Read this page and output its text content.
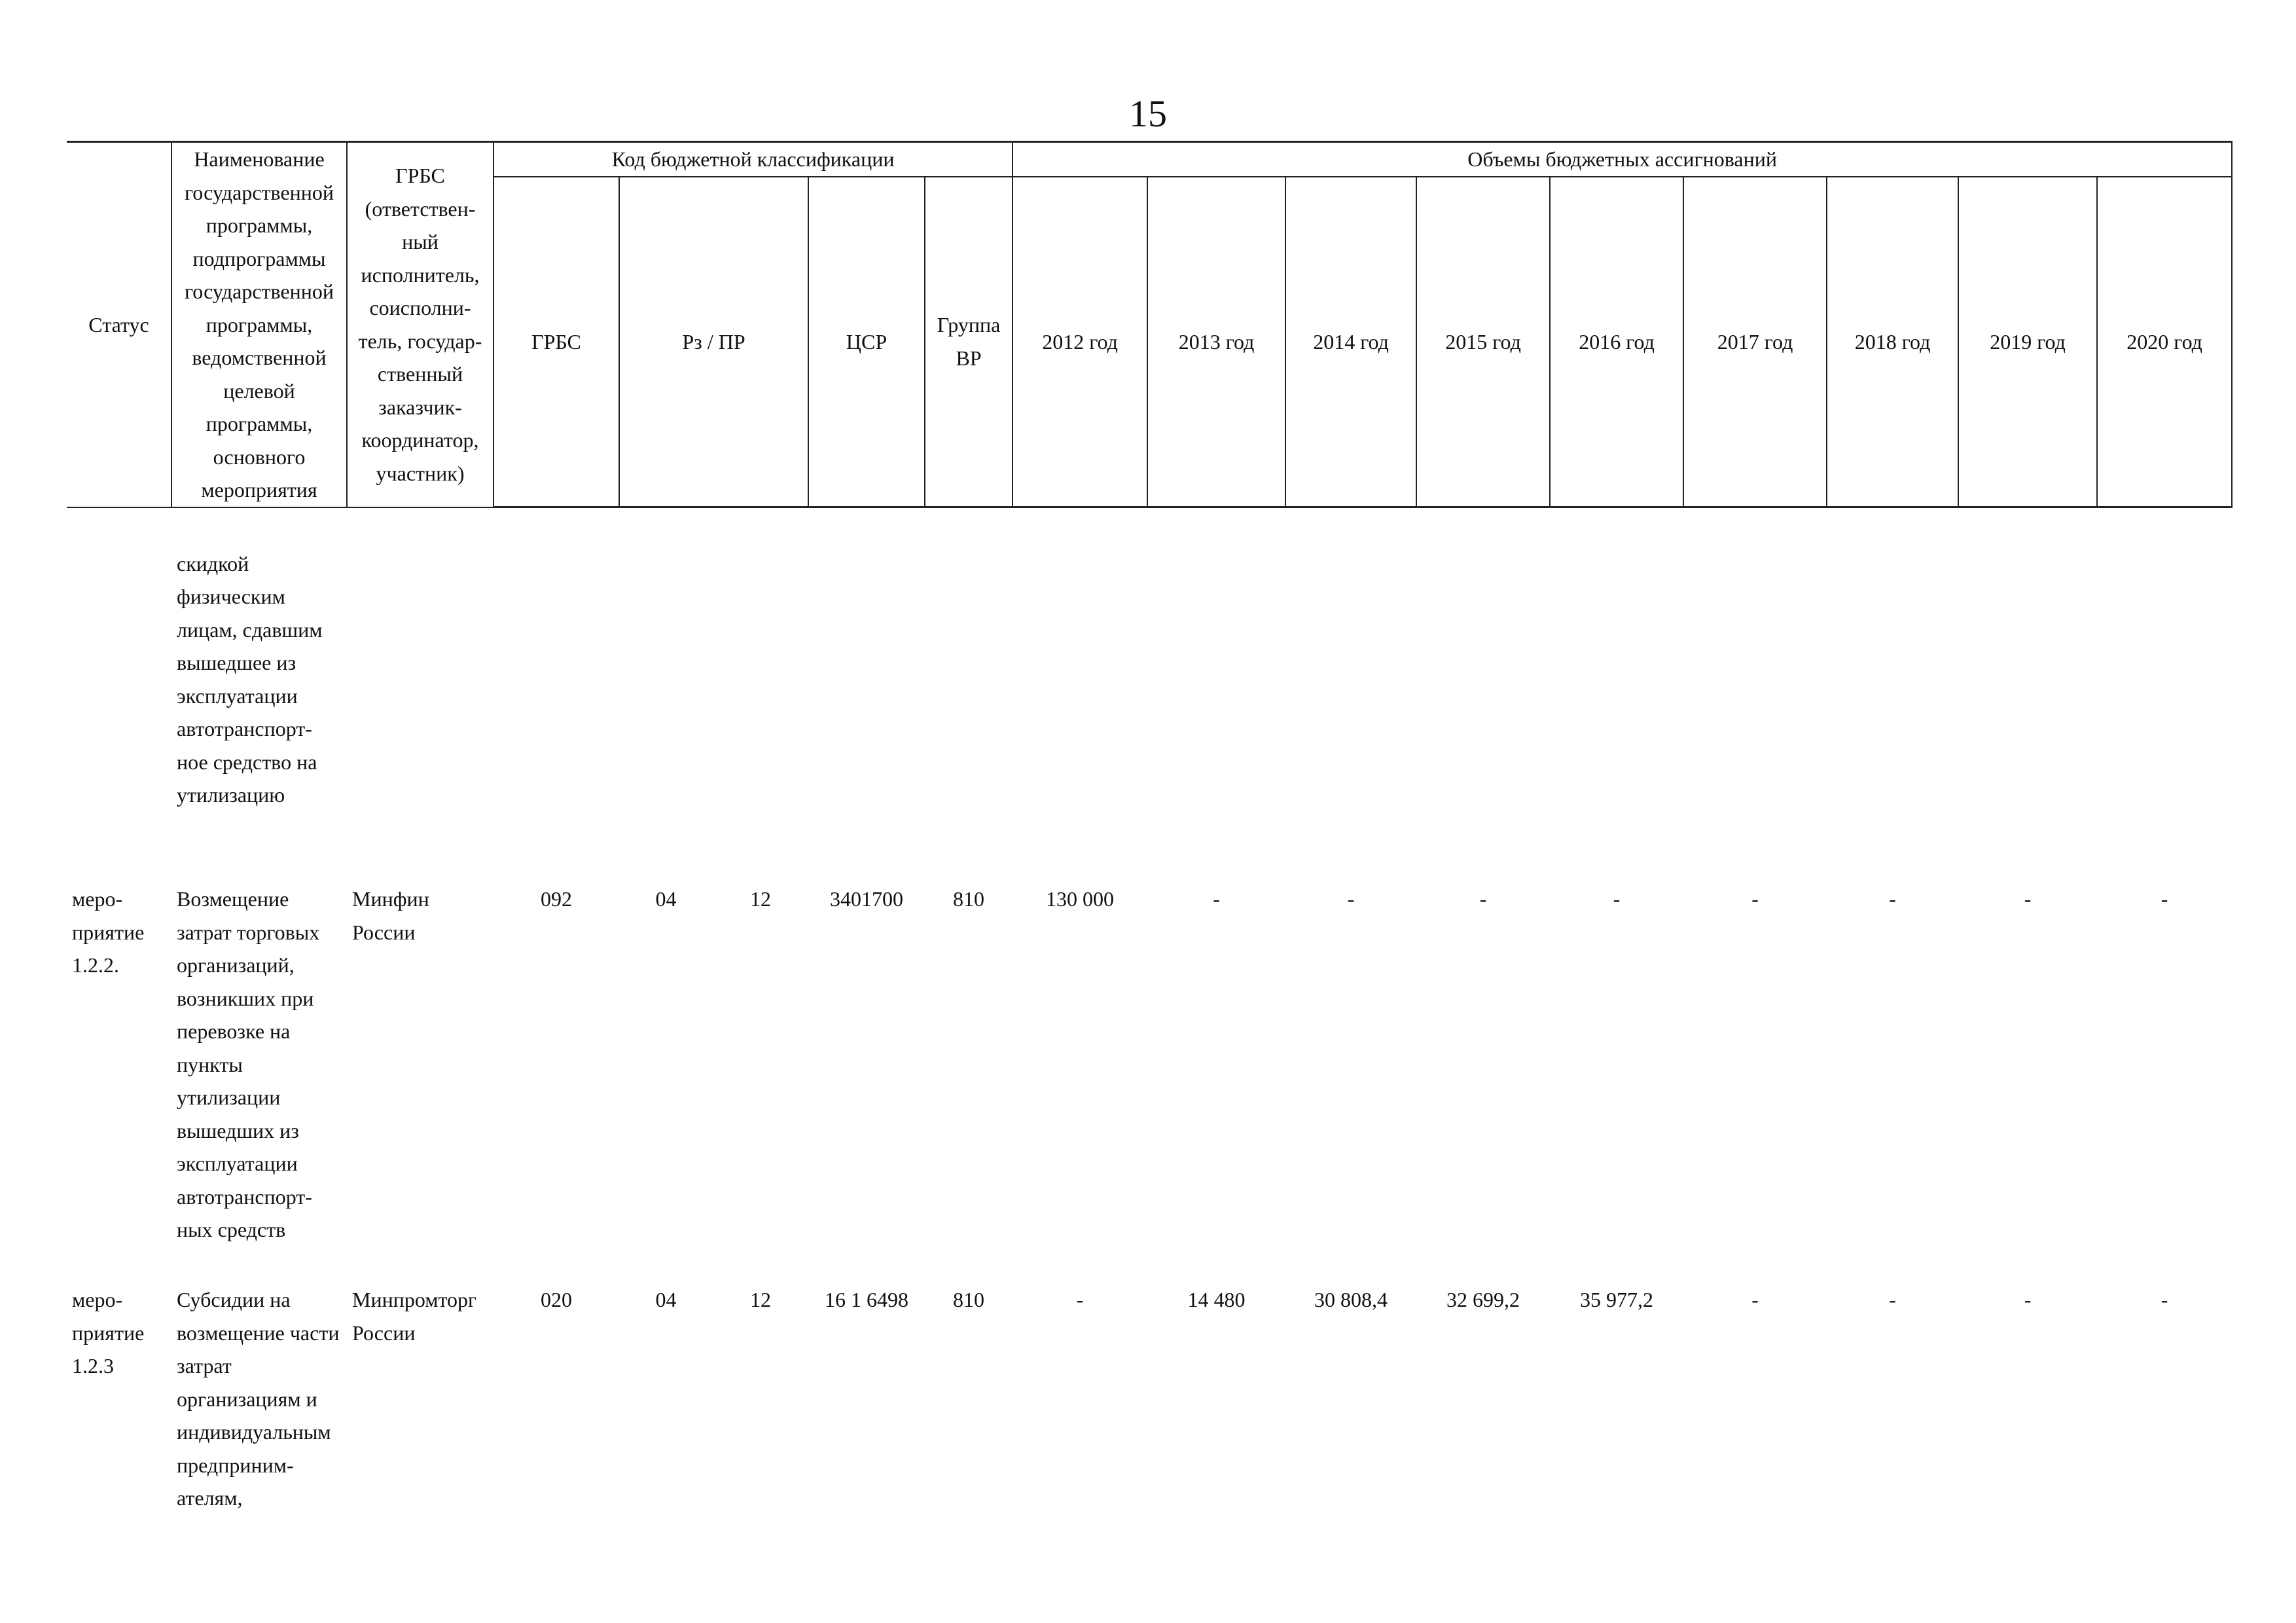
15
Статус	Наименование государственной программы, подпрограммы государственной программы, ведомственной целевой программы, основного мероприятия	ГРБС (ответствен-ный исполнитель, соисполни-тель, государ-ственный заказчик-координатор, участник)	Код бюджетной классификации					Объемы бюджетных ассигнований								
			ГРБС	Рз / ПР		ЦСР	Группа ВР	2012 год	2013 год	2014 год	2015 год	2016 год	2017 год	2018 год	2019 год	2020 год
	скидкой физическим лицам, сдавшим вышедшее из эксплуатации автотранспорт-ное средство на утилизацию															
меро-приятие 1.2.2.	Возмещение затрат торговых организаций, возникших при перевозке на пункты утилизации вышедших из эксплуатации автотранспорт-ных средств	Минфин России	092	04	12	3401700	810	130 000	-	-	-	-	-	-	-	-
меро-приятие 1.2.3	Субсидии на возмещение части затрат организациям и индивидуальным предприним-ателям,	Минпромторг России	020	04	12	16 1 6498	810	-	14 480	30 808,4	32 699,2	35 977,2	-	-	-	-
